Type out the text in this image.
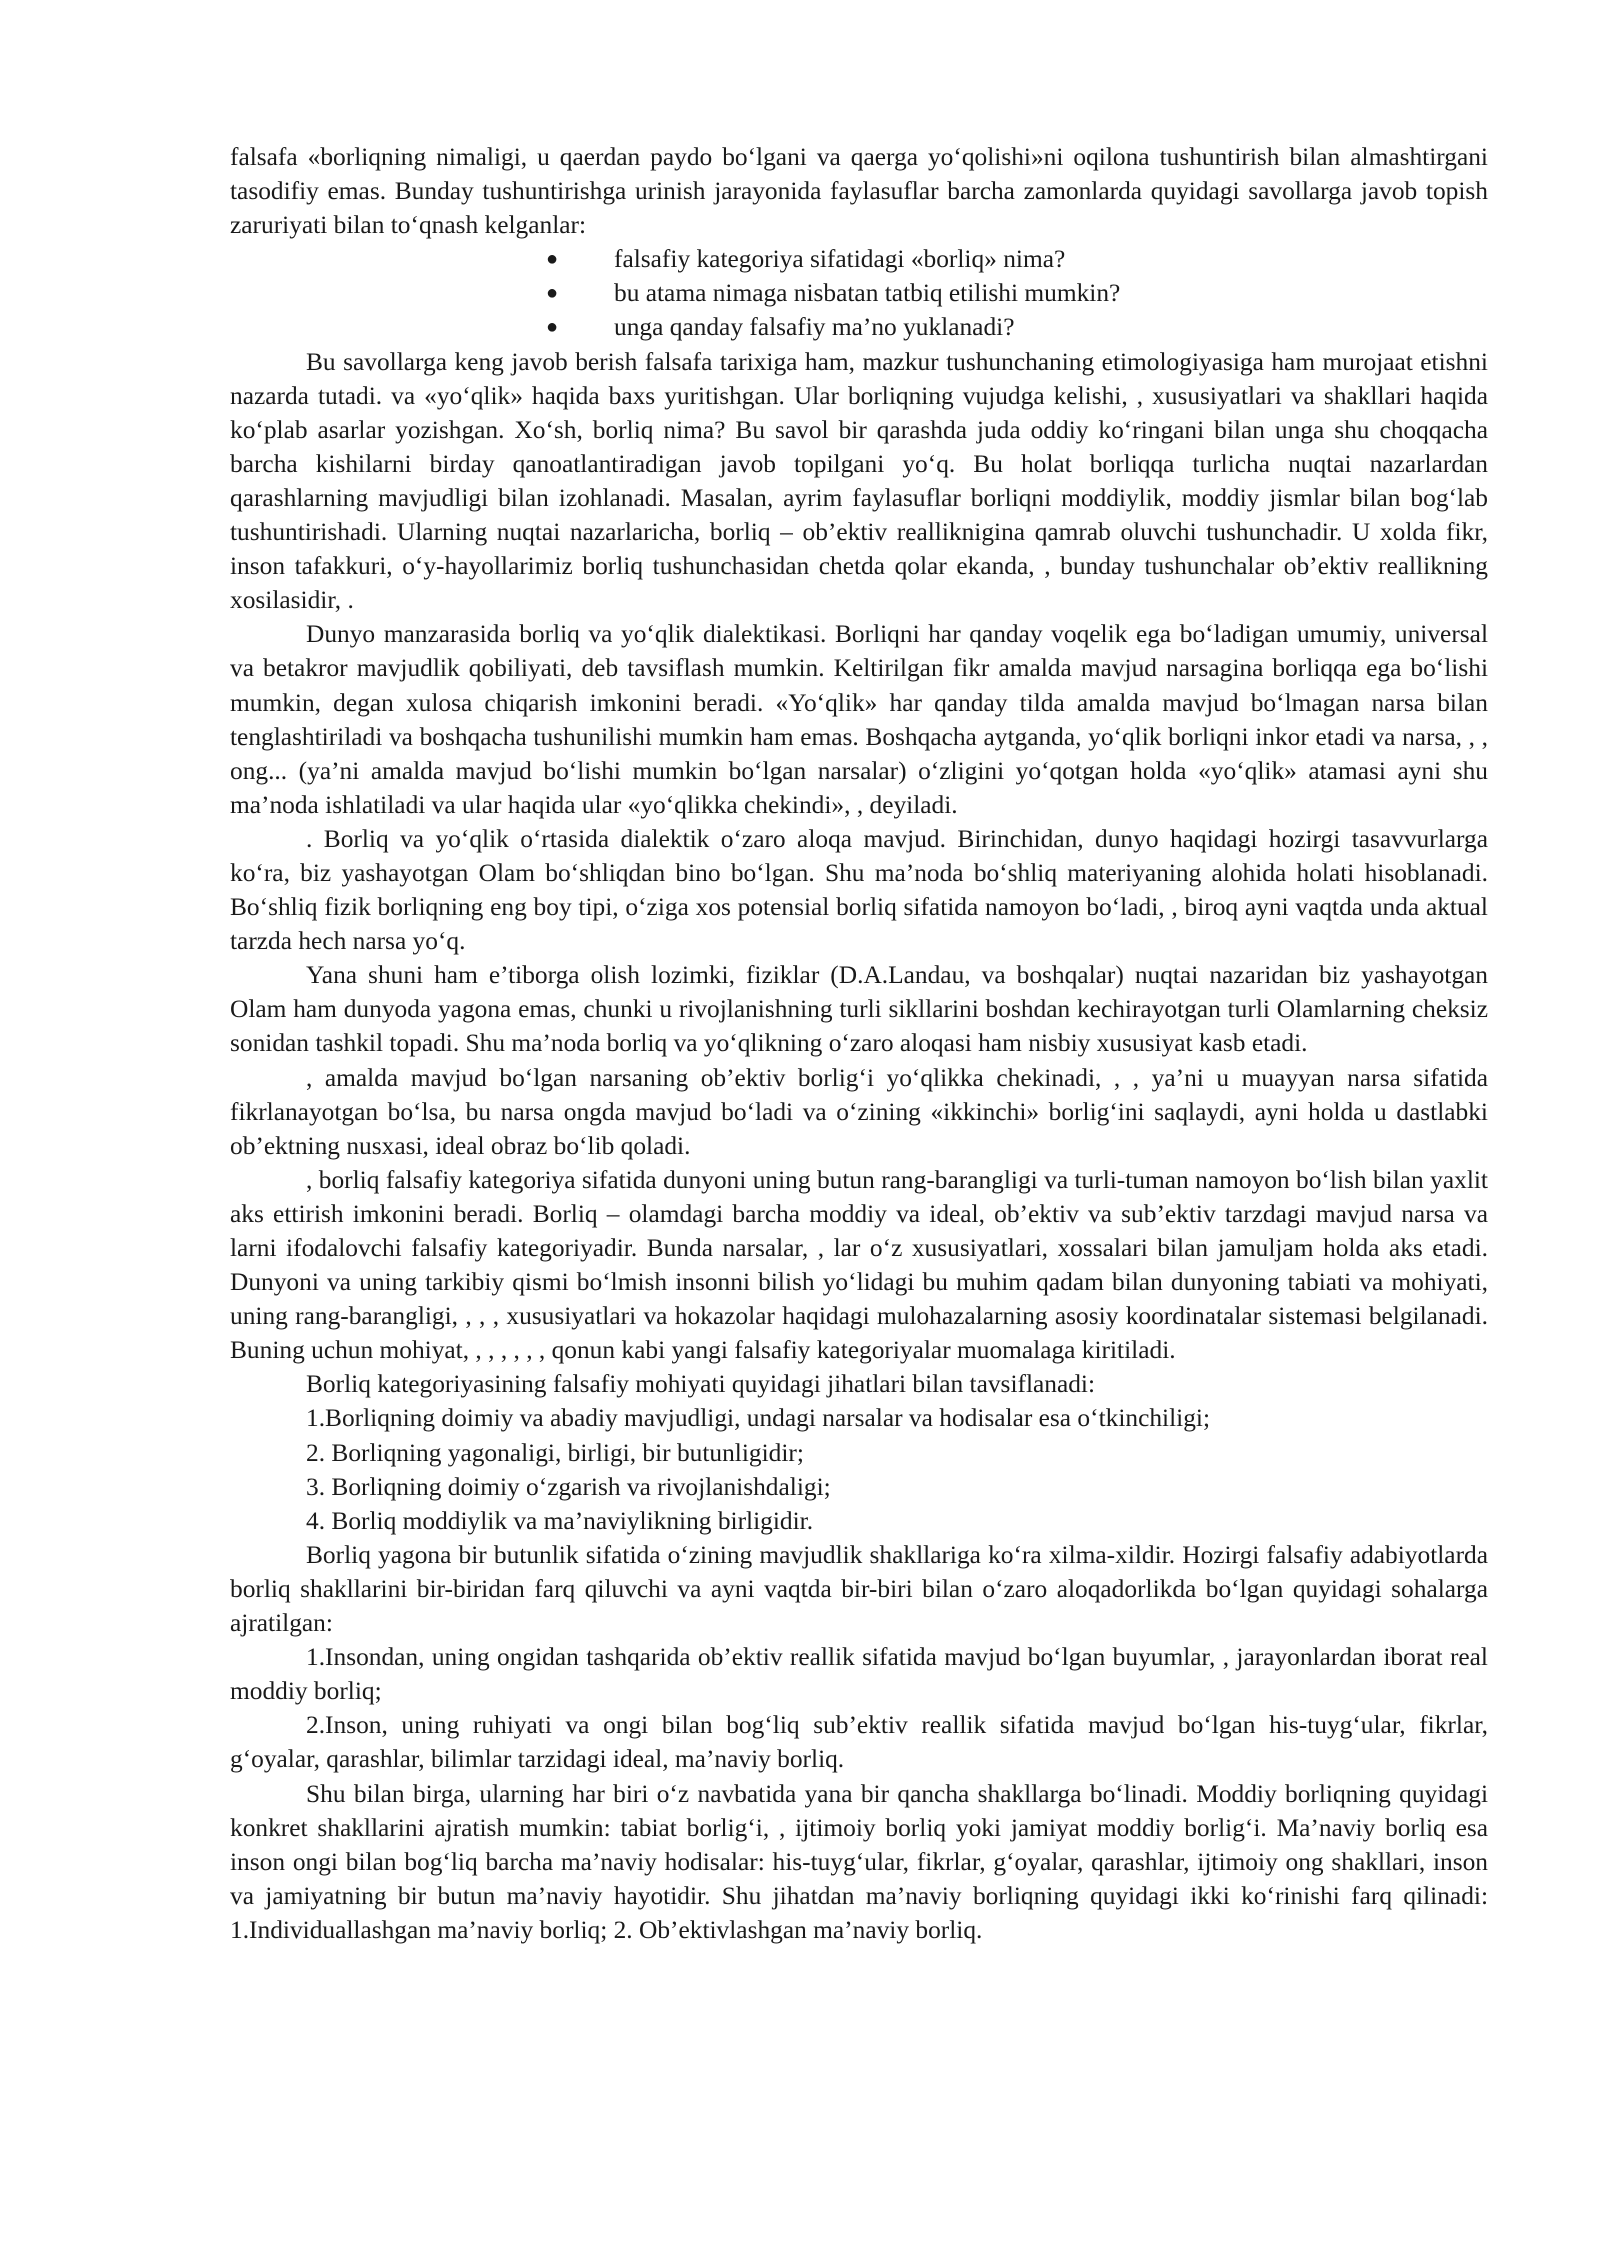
falsafa «borliqning nimaligi, u qaerdan paydo bo‘lgani va qaerga yo‘qolishi»ni oqilona tushuntirish bilan almashtirgani tasodifiy emas. Bunday tushuntirishga urinish jarayonida faylasuflar barcha zamonlarda quyidagi savollarga javob topish zaruriyati bilan to‘qnash kelganlar:

● falsafiy kategoriya sifatidagi «borliq» nima?
● bu atama nimaga nisbatan tatbiq etilishi mumkin?
● unga qanday falsafiy ma’no yuklanadi?

Bu savollarga keng javob berish falsafa tarixiga ham, mazkur tushunchaning etimologiyasiga ham murojaat etishni nazarda tutadi. va «yo‘qlik» haqida baxs yuritishgan. Ular borliqning vujudga kelishi, , xususiyatlari va shakllari haqida ko‘plab asarlar yozishgan. Xo‘sh, borliq nima? Bu savol bir qarashda juda oddiy ko‘ringani bilan unga shu choqqacha barcha kishilarni birday qanoatlantiradigan javob topilgani yo‘q. Bu holat borliqqa turlicha nuqtai nazarlardan qarashlarning mavjudligi bilan izohlanadi. Masalan, ayrim faylasuflar borliqni moddiylik, moddiy jismlar bilan bog‘lab tushuntirishadi. Ularning nuqtai nazarlaricha, borliq – ob’ektiv realliknigina qamrab oluvchi tushunchadir. U xolda fikr, inson tafakkuri, o‘y-hayollarimiz borliq tushunchasidan chetda qolar ekanda, , bunday tushunchalar ob’ektiv reallikning xosilasidir, .

Dunyo manzarasida borliq va yo‘qlik dialektikasi. Borliqni har qanday voqelik ega bo‘ladigan umumiy, universal va betakror mavjudlik qobiliyati, deb tavsiflash mumkin. Keltirilgan fikr amalda mavjud narsagina borliqqa ega bo‘lishi mumkin, degan xulosa chiqarish imkonini beradi. «Yo‘qlik» har qanday tilda amalda mavjud bo‘lmagan narsa bilan tenglashtiriladi va boshqacha tushunilishi mumkin ham emas. Boshqacha aytganda, yo‘qlik borliqni inkor etadi va narsa, , , ong... (ya’ni amalda mavjud bo‘lishi mumkin bo‘lgan narsalar) o‘zligini yo‘qotgan holda «yo‘qlik» atamasi ayni shu ma’noda ishlatiladi va ular haqida ular «yo‘qlikka chekindi», , deyiladi.

. Borliq va yo‘qlik o‘rtasida dialektik o‘zaro aloqa mavjud. Birinchidan, dunyo haqidagi hozirgi tasavvurlarga ko‘ra, biz yashayotgan Olam bo‘shliqdan bino bo‘lgan. Shu ma’noda bo‘shliq materiyaning alohida holati hisoblanadi. Bo‘shliq fizik borliqning eng boy tipi, o‘ziga xos potensial borliq sifatida namoyon bo‘ladi, , biroq ayni vaqtda unda aktual tarzda hech narsa yo‘q.

Yana shuni ham e’tiborga olish lozimki, fiziklar (D.A.Landau, va boshqalar) nuqtai nazaridan biz yashayotgan Olam ham dunyoda yagona emas, chunki u rivojlanishning turli sikllarini boshdan kechirayotgan turli Olamlarning cheksiz sonidan tashkil topadi. Shu ma’noda borliq va yo‘qlikning o‘zaro aloqasi ham nisbiy xususiyat kasb etadi.

, amalda mavjud bo‘lgan narsaning ob’ektiv borlig‘i yo‘qlikka chekinadi, , , ya’ni u muayyan narsa sifatida fikrlanayotgan bo‘lsa, bu narsa ongda mavjud bo‘ladi va o‘zining «ikkinchi» borlig‘ini saqlaydi, ayni holda u dastlabki ob’ektning nusxasi, ideal obraz bo‘lib qoladi.

, borliq falsafiy kategoriya sifatida dunyoni uning butun rang-barangligi va turli-tuman namoyon bo‘lish bilan yaxlit aks ettirish imkonini beradi. Borliq – olamdagi barcha moddiy va ideal, ob’ektiv va sub’ektiv tarzdagi mavjud narsa va larni ifodalovchi falsafiy kategoriyadir. Bunda narsalar, , lar o‘z xususiyatlari, xossalari bilan jamuljam holda aks etadi. Dunyoni va uning tarkibiy qismi bo‘lmish insonni bilish yo‘lidagi bu muhim qadam bilan dunyoning tabiati va mohiyati, uning rang-barangligi, , , , xususiyatlari va hokazolar haqidagi mulohazalarning asosiy koordinatalar sistemasi belgilanadi. Buning uchun mohiyat, , , , , , , qonun kabi yangi falsafiy kategoriyalar muomalaga kiritiladi.

Borliq kategoriyasining falsafiy mohiyati quyidagi jihatlari bilan tavsiflanadi:

1.Borliqning doimiy va abadiy mavjudligi, undagi narsalar va hodisalar esa o‘tkinchiligi;

2. Borliqning yagonaligi, birligi, bir butunligidir;

3. Borliqning doimiy o‘zgarish va rivojlanishdaligi;

4. Borliq moddiylik va ma’naviylikning birligidir.

Borliq yagona bir butunlik sifatida o‘zining mavjudlik shakllariga ko‘ra xilma-xildir. Hozirgi falsafiy adabiyotlarda borliq shakllarini bir-biridan farq qiluvchi va ayni vaqtda bir-biri bilan o‘zaro aloqadorlikda bo‘lgan quyidagi sohalarga ajratilgan:

1.Insondan, uning ongidan tashqarida ob’ektiv reallik sifatida mavjud bo‘lgan buyumlar, , jarayonlardan iborat real moddiy borliq;

2.Inson, uning ruhiyati va ongi bilan bog‘liq sub’ektiv reallik sifatida mavjud bo‘lgan his-tuyg‘ular, fikrlar, g‘oyalar, qarashlar, bilimlar tarzidagi ideal, ma’naviy borliq.

Shu bilan birga, ularning har biri o‘z navbatida yana bir qancha shakllarga bo‘linadi. Moddiy borliqning quyidagi konkret shakllarini ajratish mumkin: tabiat borlig‘i, , ijtimoiy borliq yoki jamiyat moddiy borlig‘i. Ma’naviy borliq esa inson ongi bilan bog‘liq barcha ma’naviy hodisalar: his-tuyg‘ular, fikrlar, g‘oyalar, qarashlar, ijtimoiy ong shakllari, inson va jamiyatning bir butun ma’naviy hayotidir. Shu jihatdan ma’naviy borliqning quyidagi ikki ko‘rinishi farq qilinadi: 1.Individuallashgan ma’naviy borliq; 2. Ob’ektivlashgan ma’naviy borliq.
